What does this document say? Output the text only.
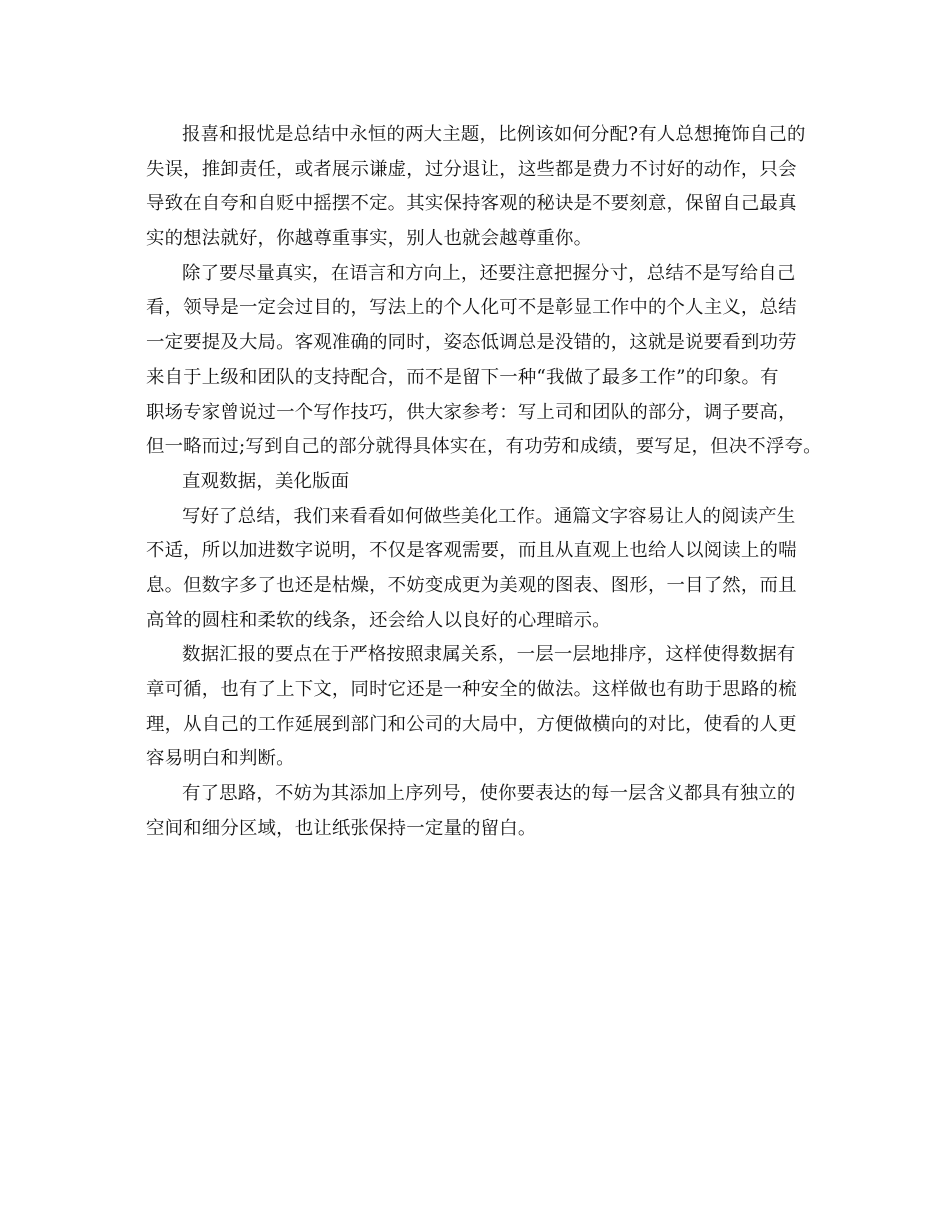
报喜和报忧是总结中永恒的两大主题，比例该如何分配?有人总想掩饰自己的
失误，推卸责任，或者展示谦虚，过分退让，这些都是费力不讨好的动作，只会
导致在自夸和自贬中摇摆不定。其实保持客观的秘诀是不要刻意，保留自己最真
实的想法就好，你越尊重事实，别人也就会越尊重你。
除了要尽量真实，在语言和方向上，还要注意把握分寸，总结不是写给自己
看，领导是一定会过目的，写法上的个人化可不是彰显工作中的个人主义，总结
一定要提及大局。客观准确的同时，姿态低调总是没错的，这就是说要看到功劳
来自于上级和团队的支持配合，而不是留下一种“我做了最多工作”的印象。有
职场专家曾说过一个写作技巧，供大家参考：写上司和团队的部分，调子要高，
但一略而过;写到自己的部分就得具体实在，有功劳和成绩，要写足，但决不浮夸。
直观数据，美化版面
写好了总结，我们来看看如何做些美化工作。通篇文字容易让人的阅读产生
不适，所以加进数字说明，不仅是客观需要，而且从直观上也给人以阅读上的喘
息。但数字多了也还是枯燥，不妨变成更为美观的图表、图形，一目了然，而且
高耸的圆柱和柔软的线条，还会给人以良好的心理暗示。
数据汇报的要点在于严格按照隶属关系，一层一层地排序，这样使得数据有
章可循，也有了上下文，同时它还是一种安全的做法。这样做也有助于思路的梳
理，从自己的工作延展到部门和公司的大局中，方便做横向的对比，使看的人更
容易明白和判断。
有了思路，不妨为其添加上序列号，使你要表达的每一层含义都具有独立的
空间和细分区域，也让纸张保持一定量的留白。
